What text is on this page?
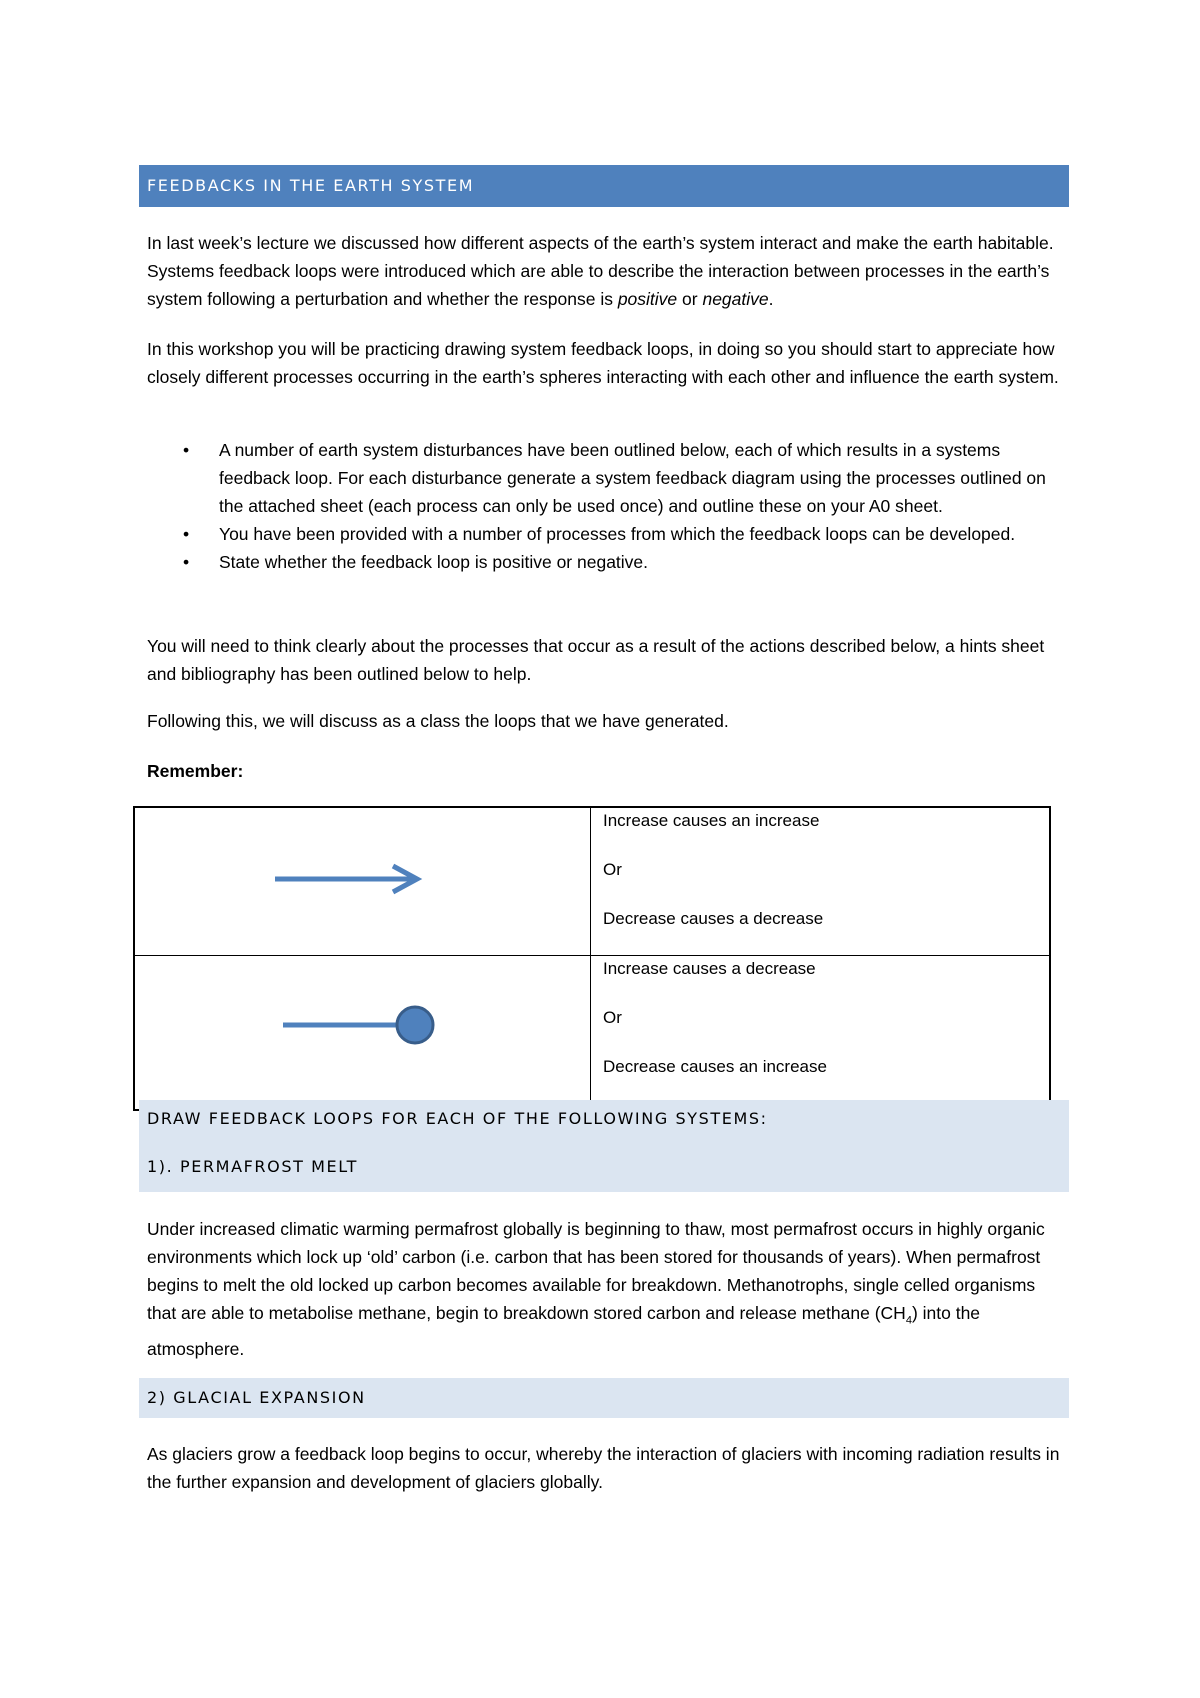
FEEDBACKS IN THE EARTH SYSTEM

In last week’s lecture we discussed how different aspects of the earth’s system interact and make the earth habitable. Systems feedback loops were introduced which are able to describe the interaction between processes in the earth’s system following a perturbation and whether the response is positive or negative.

In this workshop you will be practicing drawing system feedback loops, in doing so you should start to appreciate how closely different processes occurring in the earth’s spheres interacting with each other and influence the earth system.

• A number of earth system disturbances have been outlined below, each of which results in a systems feedback loop. For each disturbance generate a system feedback diagram using the processes outlined on the attached sheet (each process can only be used once) and outline these on your A0 sheet.
• You have been provided with a number of processes from which the feedback loops can be developed.
• State whether the feedback loop is positive or negative.

You will need to think clearly about the processes that occur as a result of the actions described below, a hints sheet and bibliography has been outlined below to help.

Following this, we will discuss as a class the loops that we have generated.

Remember:

Increase causes an increase
Or
Decrease causes a decrease

Increase causes a decrease
Or
Decrease causes an increase
DRAW FEEDBACK LOOPS FOR EACH OF THE FOLLOWING SYSTEMS:
1). PERMAFROST MELT

Under increased climatic warming permafrost globally is beginning to thaw, most permafrost occurs in highly organic environments which lock up ‘old’ carbon (i.e. carbon that has been stored for thousands of years). When permafrost begins to melt the old locked up carbon becomes available for breakdown. Methanotrophs, single celled organisms that are able to metabolise methane, begin to breakdown stored carbon and release methane $(CH_4)$ into the atmosphere.

2) GLACIAL EXPANSION

As glaciers grow a feedback loop begins to occur, whereby the interaction of glaciers with incoming radiation results in the further expansion and development of glaciers globally.
